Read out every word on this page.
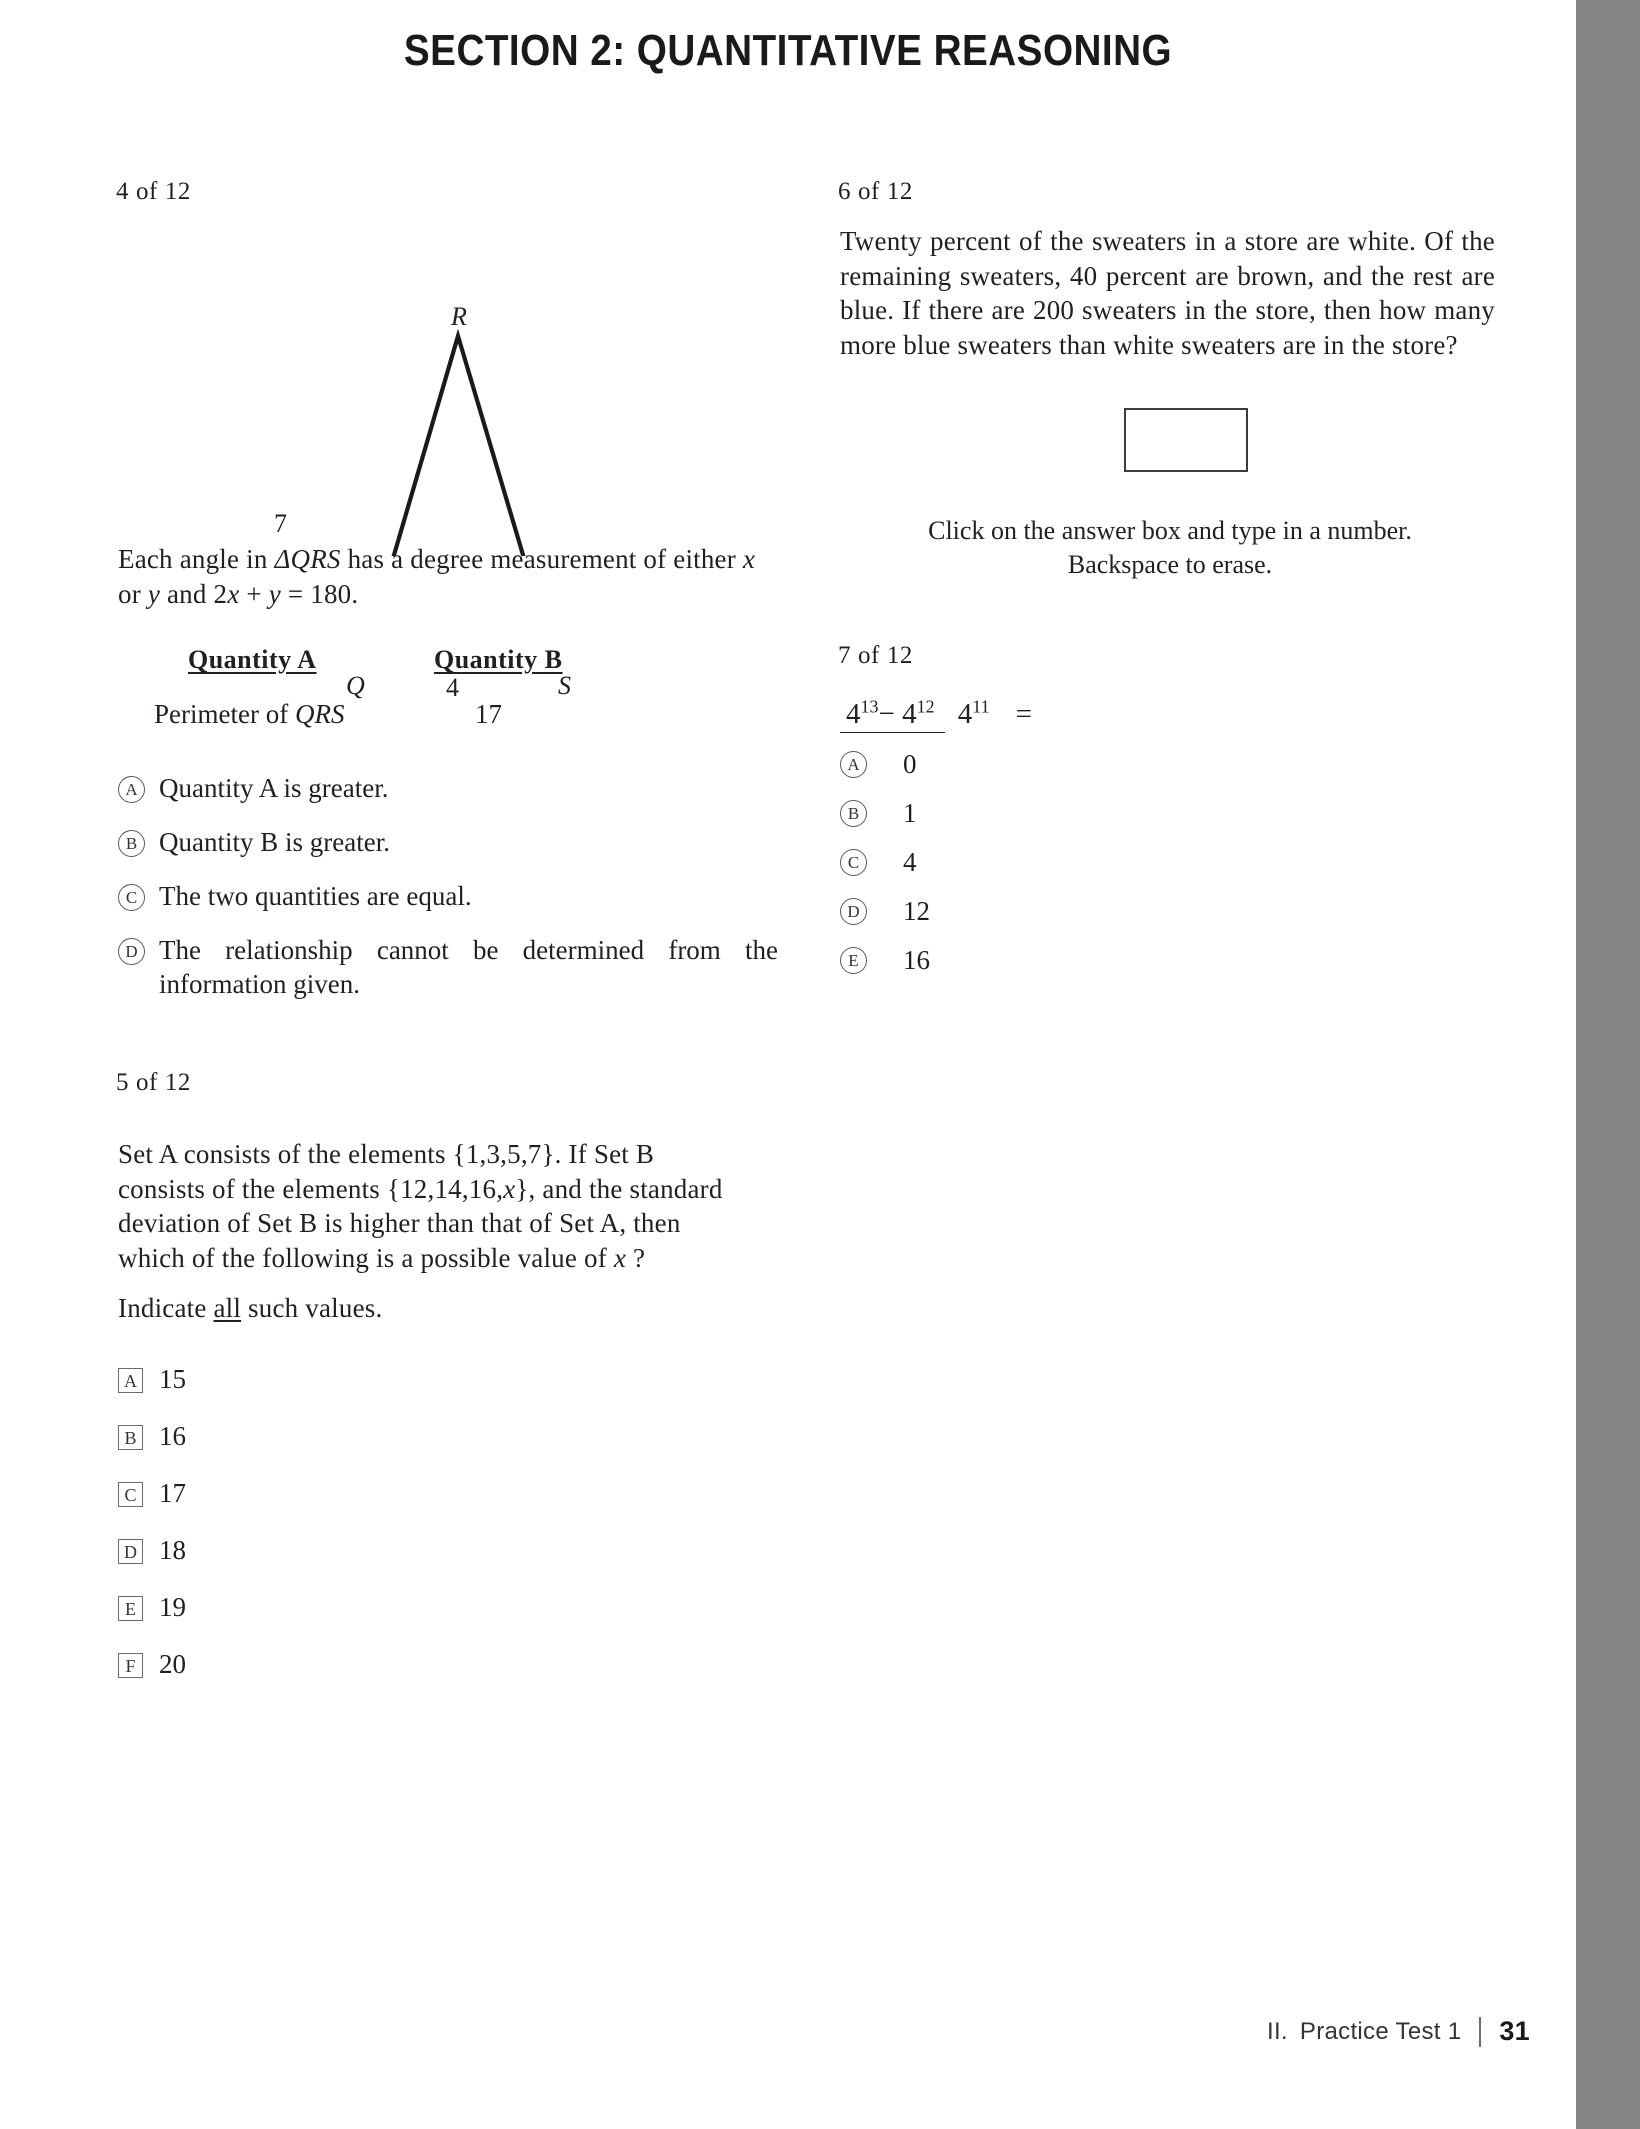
SECTION 2: QUANTITATIVE REASONING
4 of 12
R
Q	S
7
4
Each angle in ΔQRS has a degree measurement of either x or y and 2x + y = 180.
Quantity A	Quantity B
Perimeter of QRS	17
A Quantity A is greater.
B Quantity B is greater.
C The two quantities are equal.
D The relationship cannot be determined from the information given.
5 of 12
Set A consists of the elements {1,3,5,7}. If Set B consists of the elements {12,14,16,x}, and the standard deviation of Set B is higher than that of Set A, then which of the following is a possible value of x ?
Indicate all such values.
A 15
B 16
C 17
D 18
E 19
F 20
6 of 12
Twenty percent of the sweaters in a store are white. Of the remaining sweaters, 40 percent are brown, and the rest are blue. If there are 200 sweaters in the store, then how many more blue sweaters than white sweaters are in the store?
Click on the answer box and type in a number.
Backspace to erase.
7 of 12
$4^{13}- 4^{12}$ $4^{11}$ =
A 0
B 1
C 4
D 12
E	16
II. Practice Test 1 31
